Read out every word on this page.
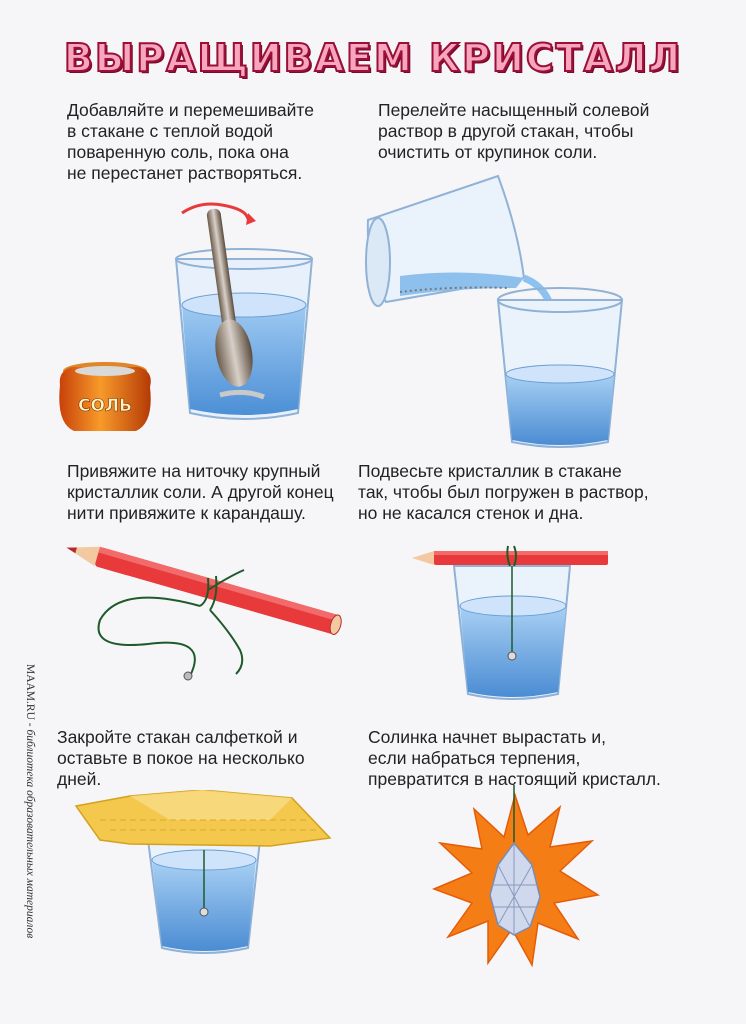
ВЫРАЩИВАЕМ КРИСТАЛЛ
Добавляйте и перемешивайте
в стакане с теплой водой
поваренную соль, пока она
не перестанет растворяться.
Перелейте насыщенный солевой
раствор в другой стакан, чтобы
очистить от крупинок соли.
Привяжите на ниточку крупный
кристаллик соли. А другой конец
нити привяжите к карандашу.
Подвесьте кристаллик в стакане
так, чтобы был погружен в раствор,
но не касался стенок и дна.
Закройте стакан салфеткой и
оставьте в покое на несколько
дней.
Солинка начнет вырастать и,
если набраться терпения,
превратится в настоящий кристалл.
MAAM.RU - библиотека образовательных материалов
СОЛЬ
